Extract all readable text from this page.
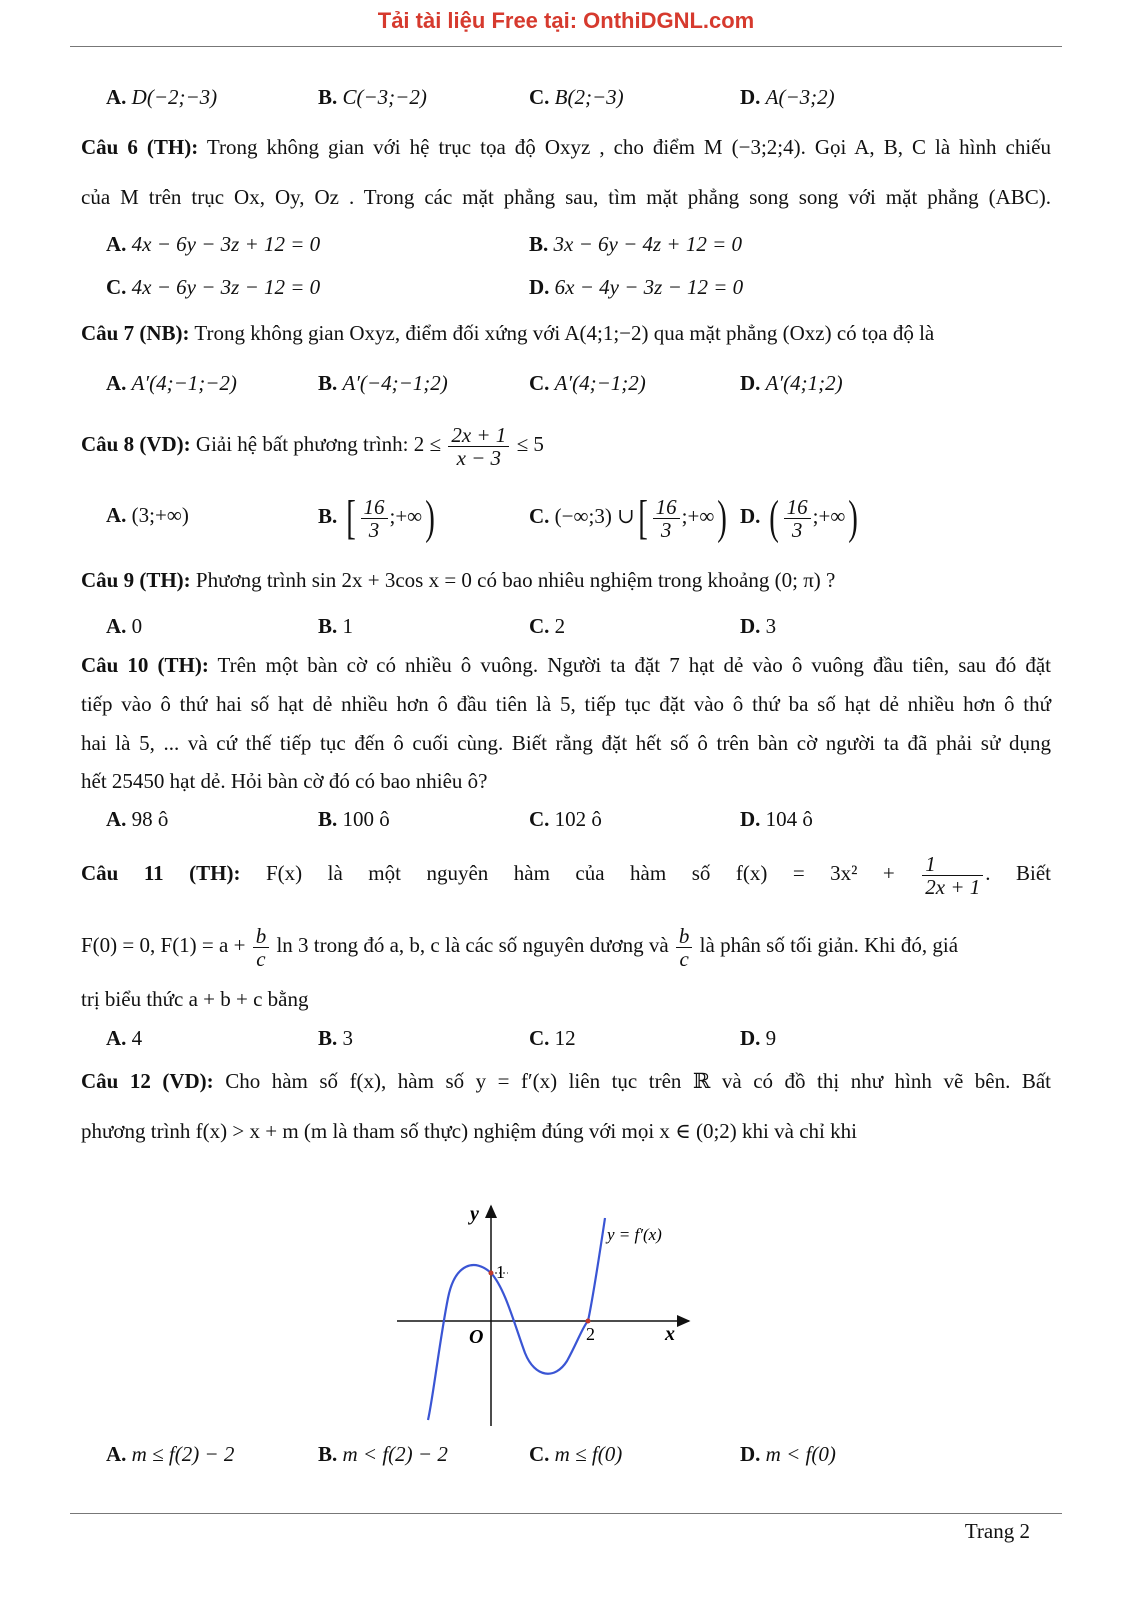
Tải tài liệu Free tại: OnthiDGNL.com
A. D(−2;−3)	B. C(−3;−2)	C. B(2;−3)	D. A(−3;2)
Câu 6 (TH): Trong không gian với hệ trục tọa độ Oxyz , cho điểm M (−3;2;4). Gọi A, B, C là hình chiếu
của M trên trục Ox, Oy, Oz . Trong các mặt phẳng sau, tìm mặt phẳng song song với mặt phẳng (ABC).
A. 4x − 6y − 3z + 12 = 0	B. 3x − 6y − 4z + 12 = 0
C. 4x − 6y − 3z − 12 = 0	D. 6x − 4y − 3z − 12 = 0
Câu 7 (NB): Trong không gian Oxyz, điểm đối xứng với A(4;1;−2) qua mặt phẳng (Oxz) có tọa độ là
A. A′(4;−1;−2)	B. A′(−4;−1;2)	C. A′(4;−1;2)	D. A′(4;1;2)
Câu 8 (VD): Giải hệ bất phương trình: $2 \le \frac{2x + 1}{x - 3} \le 5$
A. (3;+∞)	B. [ $\frac{16}{3}$ ;+∞)	C. (−∞;3) ∪[ $\frac{16}{3}$ ;+∞) D. ( $\frac{16}{3}$ ;+∞)
Câu 9 (TH): Phương trình sin 2x + 3cos x = 0 có bao nhiêu nghiệm trong khoảng (0; π) ?
A. 0	B. 1	C. 2	D. 3
Câu 10 (TH): Trên một bàn cờ có nhiều ô vuông. Người ta đặt 7 hạt dẻ vào ô vuông đầu tiên, sau đó đặt
tiếp vào ô thứ hai số hạt dẻ nhiều hơn ô đầu tiên là 5, tiếp tục đặt vào ô thứ ba số hạt dẻ nhiều hơn ô thứ
hai là 5, ... và cứ thế tiếp tục đến ô cuối cùng. Biết rằng đặt hết số ô trên bàn cờ người ta đã phải sử dụng
hết 25450 hạt dẻ. Hỏi bàn cờ đó có bao nhiêu ô?
A. 98 ô	B. 100 ô	C. 102 ô	D. 104 ô
Câu 11 (TH): F(x) là một nguyên hàm của hàm số $f(x) = 3x^2 + \frac{1}{2x + 1}$ . Biết
F(0) = 0, $F(1) = a + \frac{b}{c}$ ln 3 trong đó a, b, c là các số nguyên dương và $\frac{b}{c}$ là phân số tối giản. Khi đó, giá
trị biểu thức a + b + c bằng
A. 4	B. 3	C. 12	D. 9
Câu 12 (VD): Cho hàm số f(x), hàm số y = f′(x) liên tục trên ℝ và có đồ thị như hình vẽ bên. Bất
phương trình f(x) > x + m (m là tham số thực) nghiệm đúng với mọi x ∈ (0;2) khi và chỉ khi
y
x
O
1
2
y = f′(x)
A. m ≤ f(2) − 2	B. m < f(2) − 2	C. m ≤ f(0)	D. m < f(0)
Trang 2
